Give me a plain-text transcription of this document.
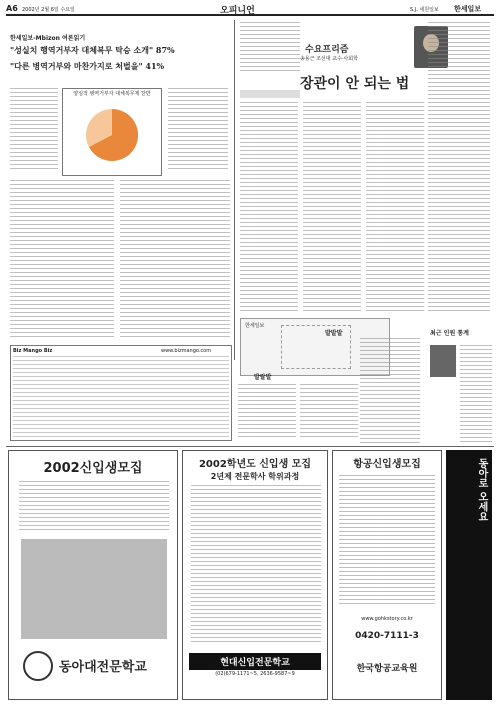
A6 2002년 2월 6일 수요일	오피니언	S.J. 세원일보 한세일보
한세일보-Mbizon 여론읽기
"성실치 행역거부자 대체복무 탁승 소개" 87%
"다른 병역거부와 마찬가지로 처벌을" 41%
양심적 병역거부자 대체복무제 찬반
수요프리즘
송용근 조선대 교수·사회학
장관이 안 되는 법
한세일보
Biz Mango Biz	www.bizmango.com
발랄발
발발발	최근 인원 통계
2002신입생모집
동아대전문학교
2002학년도 신입생 모집
2년제 전문학사 학위과정
현대신입전문학교
(02)679-1171~5, 2636-9587~9
항공신입생모집
www.gohkstory.co.kr
0420-7111-3
한국항공교육원
동아로 오세요
